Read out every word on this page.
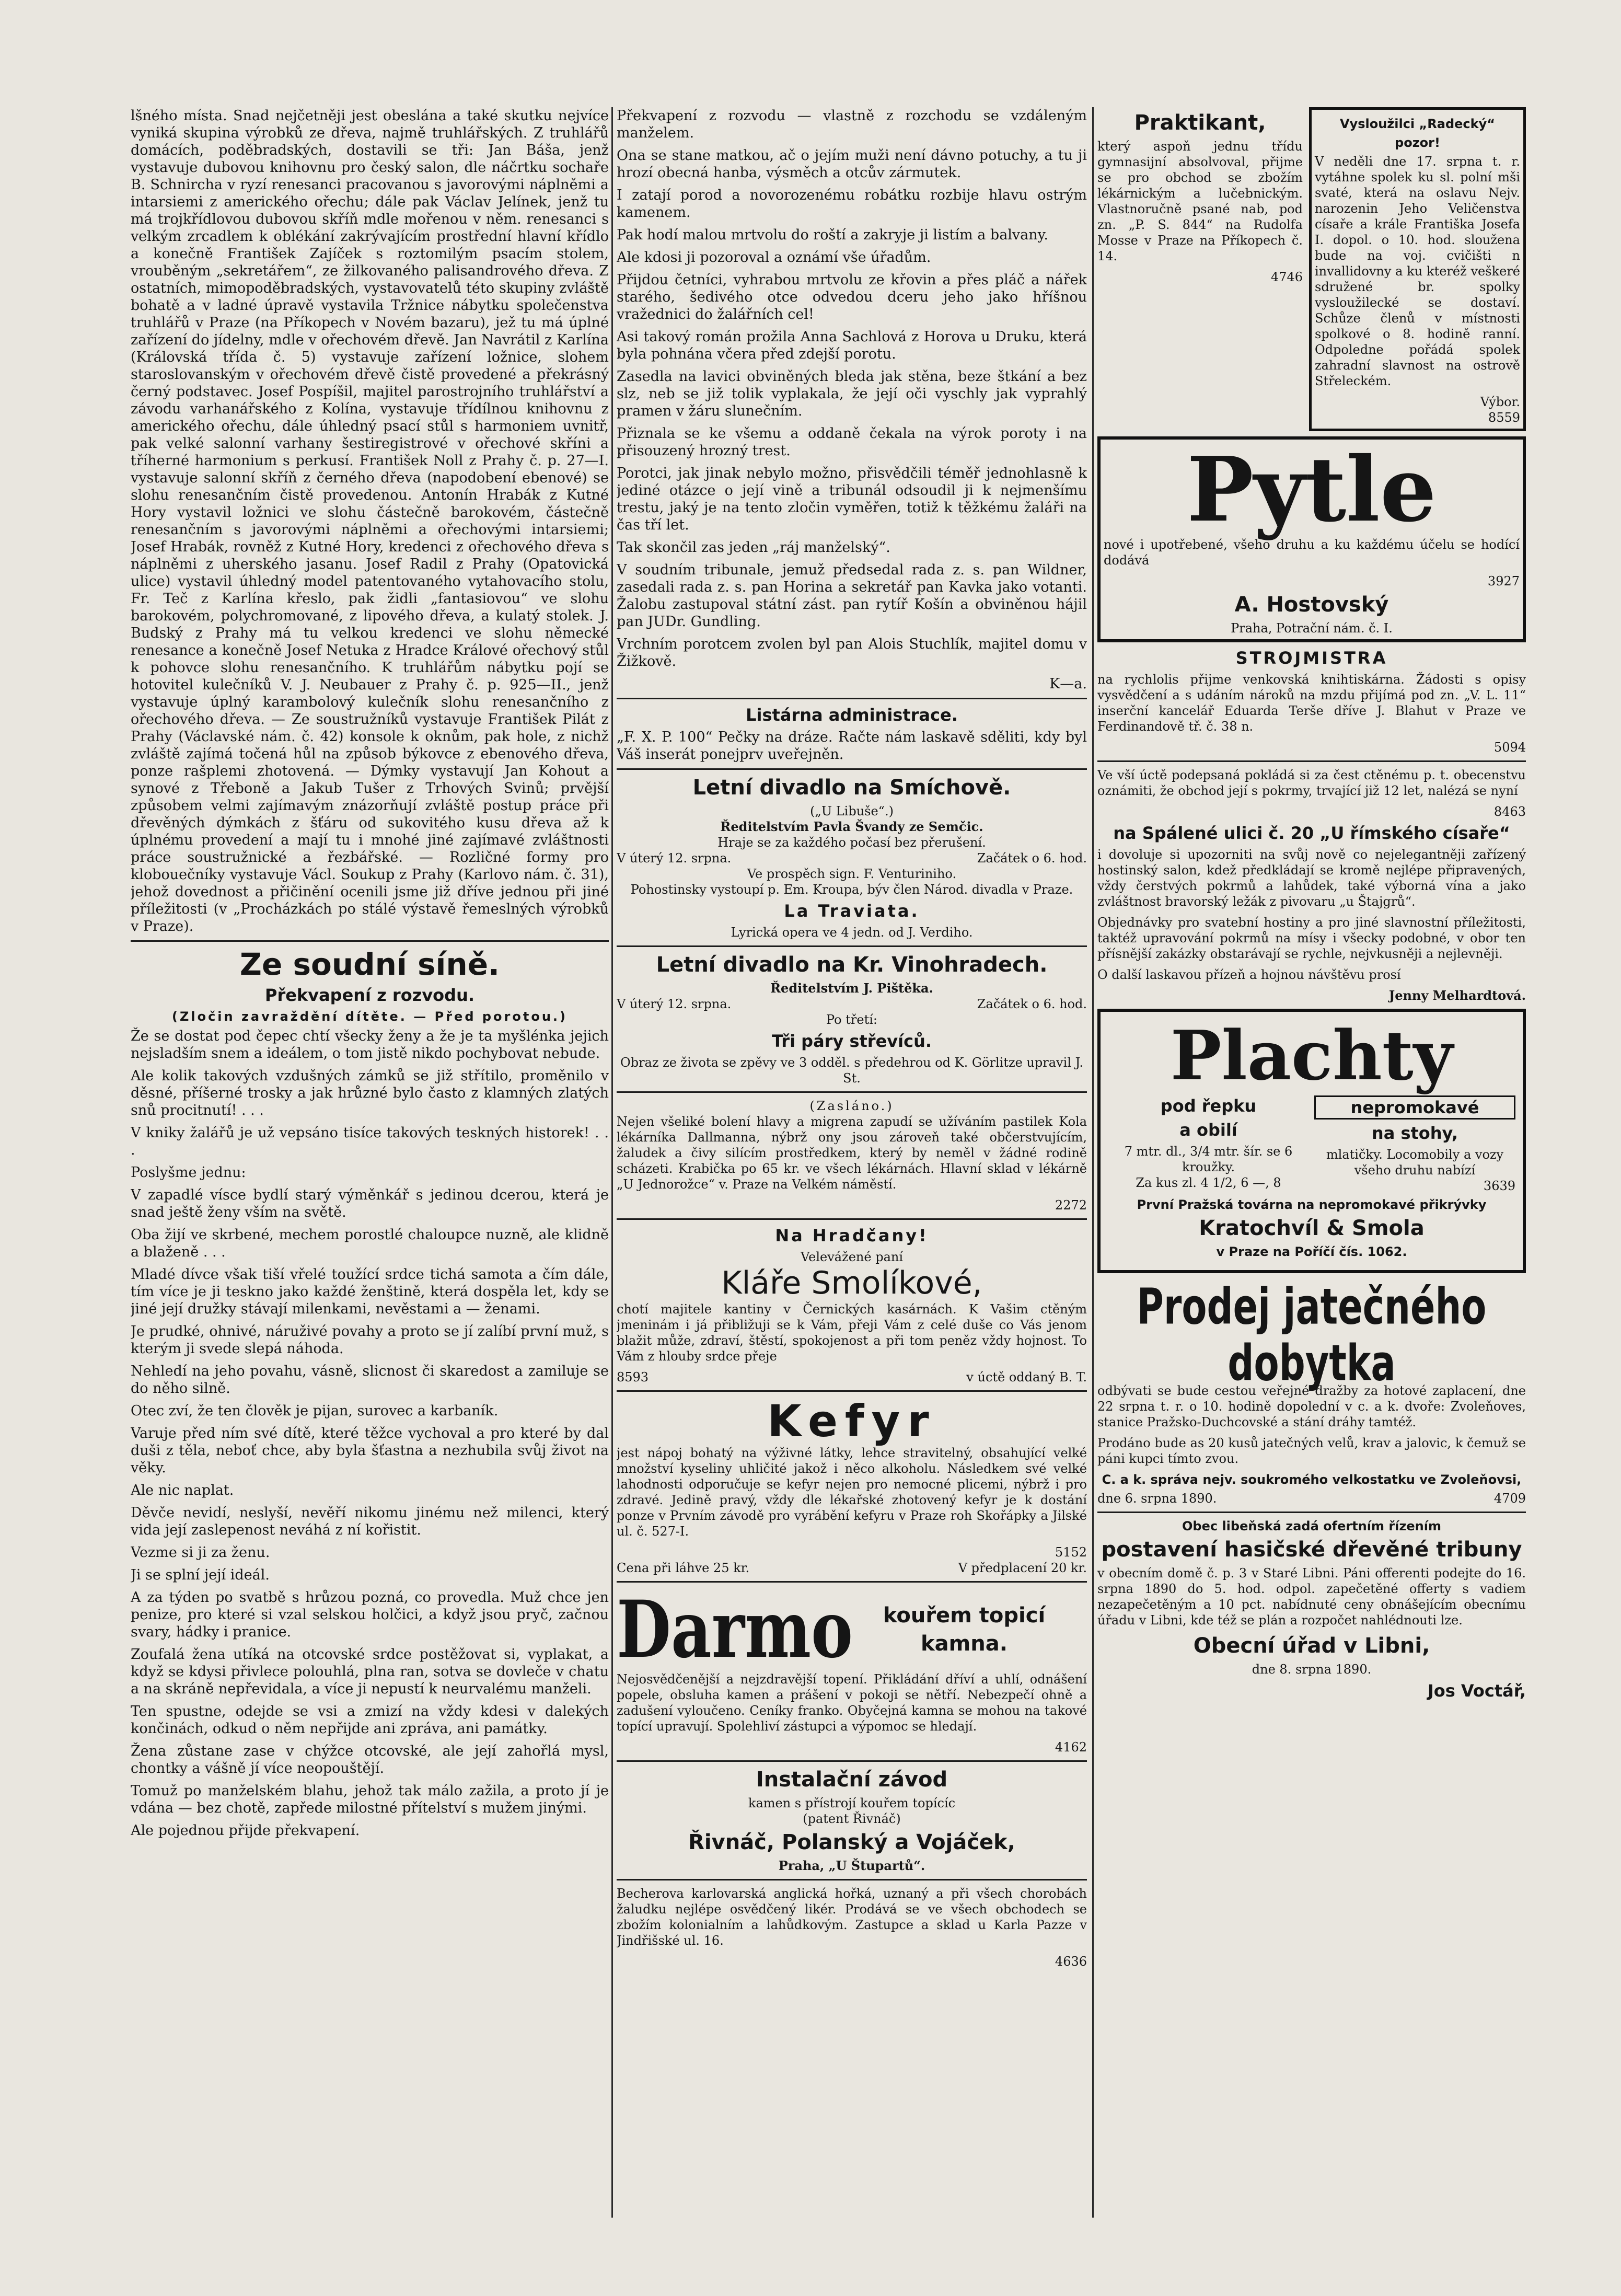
lšného místa. Snad nejčetněji jest obeslána a také skutku nejvíce vyniká skupina výrobků ze dřeva, najmě truhlářských. Z truhlářů domácích, poděbradských, dostavili se tři: Jan Báša, jenž vystavuje dubovou knihovnu pro český salon, dle náčrtku sochaře B. Schnircha v ryzí renesanci pracovanou s javorovými náplněmi a intarsiemi z amerického ořechu; dále pak Václav Jelínek, jenž tu má trojkřídlovou dubovou skříň mdle mořenou v něm. renesanci s velkým zrcadlem k oblékání zakrývajícím prostřední hlavní křídlo a konečně František Zajíček s roztomilým psacím stolem, vrouběným „sekretářem“, ze žilkovaného palisandrového dřeva. Z ostatních, mimopoděbradských, vystavovatelů této skupiny zvláště bohatě a v ladné úpravě vystavila Tržnice nábytku společenstva truhlářů v Praze (na Příkopech v Novém bazaru), jež tu má úplné zařízení do jídelny, mdle v ořechovém dřevě. Jan Navrátil z Karlína (Královská třída č. 5) vystavuje zařízení ložnice, slohem staroslovanským v ořechovém dřevě čistě provedené a překrásný černý podstavec. Josef Pospíšil, majitel parostrojního truhlářství a závodu varhanářského z Kolína, vystavuje třídílnou knihovnu z amerického ořechu, dále úhledný psací stůl s harmoniem uvnitř, pak velké salonní varhany šestiregistrové v ořechové skříni a tříherné harmonium s perkusí. František Noll z Prahy č. p. 27—I. vystavuje salonní skříň z černého dřeva (napodobení ebenové) se slohu renesančním čistě provedenou. Antonín Hrabák z Kutné Hory vystavil ložnici ve slohu částečně barokovém, částečně renesančním s javorovými náplněmi a ořechovými intarsiemi; Josef Hrabák, rovněž z Kutné Hory, kredenci z ořechového dřeva s náplněmi z uherského jasanu. Josef Radil z Prahy (Opatovická ulice) vystavil úhledný model patentovaného vytahovacího stolu, Fr. Teč z Karlína křeslo, pak židli „fantasiovou“ ve slohu barokovém, polychromované, z lipového dřeva, a kulatý stolek. J. Budský z Prahy má tu velkou kredenci ve slohu německé renesance a konečně Josef Netuka z Hradce Králové ořechový stůl k pohovce slohu renesančního. K truhlářům nábytku pojí se hotovitel kulečníků V. J. Neubauer z Prahy č. p. 925—II., jenž vystavuje úplný karambolový kulečník slohu renesančního z ořechového dřeva. — Ze soustružníků vystavuje František Pilát z Prahy (Václavské nám. č. 42) konsole k oknům, pak hole, z nichž zvláště zajímá točená hůl na způsob býkovce z ebenového dřeva, ponze rašplemi zhotovená. — Dýmky vystavují Jan Kohout a synové z Třeboně a Jakub Tušer z Trhových Svinů; prvější způsobem velmi zajímavým znázorňují zvláště postup práce při dřevěných dýmkách z šťáru od sukovitého kusu dřeva až k úplnému provedení a mají tu i mnohé jiné zajímavé zvláštnosti práce soustružnické a řezbářské. — Rozličné formy pro klobouečníky vystavuje Václ. Soukup z Prahy (Karlovo nám. č. 31), jehož dovednost a přičinění ocenili jsme již dříve jednou při jiné příležitosti (v „Procházkách po stálé výstavě řemeslných výrobků v Praze).

Ze soudní síně.
Překvapení z rozvodu.
(Zločin zavraždění dítěte. — Před porotou.)

Že se dostat pod čepec chtí všecky ženy a že je ta myšlénka jejich nejsladším snem a ideálem, o tom jistě nikdo pochybovat nebude.

Ale kolik takových vzdušných zámků se již střítilo, proměnilo v děsné, příšerné trosky a jak hrůzné bylo často z klamných zlatých snů procitnutí! . . .

V kniky žalářů je už vepsáno tisíce takových teskných historek! . . .

Poslyšme jednu:

V zapadlé vísce bydlí starý výměnkář s jedinou dcerou, která je snad ještě ženy vším na světě.

Oba žijí ve skrbené, mechem porostlé chaloupce nuzně, ale klidně a blaženě . . .

Mladé dívce však tiší vřelé toužící srdce tichá samota a čím dále, tím více je ji teskno jako každé ženštině, která dospěla let, kdy se jiné její družky stávají milenkami, nevěstami a — ženami.

Je prudké, ohnivé, náruživé povahy a proto se jí zalíbí první muž, s kterým ji svede slepá náhoda.

Nehledí na jeho povahu, vásně, slicnost či skaredost a zamiluje se do něho silně.

Otec zví, že ten člověk je pijan, surovec a karbaník.

Varuje před ním své dítě, které těžce vychoval a pro které by dal duši z těla, neboť chce, aby byla šťastna a nezhubila svůj život na věky.

Ale nic naplat.

Děvče nevidí, neslyší, nevěří nikomu jinému než milenci, který vida její zaslepenost neváhá z ní kořistit.

Vezme si ji za ženu.

Ji se splní její ideál.

A za týden po svatbě s hrůzou pozná, co provedla. Muž chce jen penize, pro které si vzal selskou holčici, a když jsou pryč, začnou svary, hádky i pranice.

Zoufalá žena utíká na otcovské srdce postěžovat si, vyplakat, a když se kdysi přivlece polouhlá, plna ran, sotva se dovleče v chatu a na skráně nepřevidala, a více ji nepustí k neurvalému manželi.

Ten spustne, odejde se vsi a zmizí na vždy kdesi v dalekých končinách, odkud o něm nepřijde ani zpráva, ani památky.

Žena zůstane zase v chýžce otcovské, ale její zahořlá mysl, chontky a vášně jí více neopouštějí.

Tomuž po manželském blahu, jehož tak málo zažila, a proto jí je vdána — bez chotě, zapřede milostné přítelství s mužem jinými.

Ale pojednou přijde překvapení.

Překvapení z rozvodu — vlastně z rozchodu se vzdáleným manželem.

Ona se stane matkou, ač o jejím muži není dávno potuchy, a tu ji hrozí obecná hanba, výsměch a otcův zármutek.

I zatají porod a novorozenému robátku rozbije hlavu ostrým kamenem.

Pak hodí malou mrtvolu do roští a zakryje ji listím a balvany.

Ale kdosi ji pozoroval a oznámí vše úřadům.

Přijdou četníci, vyhrabou mrtvolu ze křovin a přes pláč a nářek starého, šedivého otce odvedou dceru jeho jako hříšnou vražednici do žalářních cel!

Asi takový román prožila Anna Sachlová z Horova u Druku, která byla pohnána včera před zdejší porotu.

Zasedla na lavici obviněných bleda jak stěna, beze štkání a bez slz, neb se již tolik vyplakala, že její oči vyschly jak vyprahlý pramen v žáru slunečním.

Přiznala se ke všemu a oddaně čekala na výrok poroty i na přisouzený hrozný trest.

Porotci, jak jinak nebylo možno, přisvědčili téměř jednohlasně k jediné otázce o její vině a tribunál odsoudil ji k nejmenšímu trestu, jaký je na tento zločin vyměřen, totiž k těžkému žaláři na čas tří let.

Tak skončil zas jeden „ráj manželský“.

V soudním tribunale, jemuž předsedal rada z. s. pan Wildner, zasedali rada z. s. pan Horina a sekretář pan Kavka jako votanti. Žalobu zastupoval státní zást. pan rytíř Košín a obviněnou hájil pan JUDr. Gundling.

Vrchním porotcem zvolen byl pan Alois Stuchlík, majitel domu v Žižkově.

K—a.

Listárna administrace.

„F. X. P. 100“ Pečky na dráze. Račte nám laskavě sděliti, kdy byl Váš inserát ponejprv uveřejněn.

Letní divadlo na Smíchově.
(„U Libuše“.)
Ředitelstvím Pavla Švandy ze Semčic.
Hraje se za každého počasí bez přerušení.
V úterý 12. srpna.	Začátek o 6. hod.
Ve prospěch sign. F. Venturiniho.
Pohostinsky vystoupí p. Em. Kroupa, býv člen Národ. divadla v Praze.
La Traviata.
Lyrická opera ve 4 jedn. od J. Verdiho.
Letní divadlo na Kr. Vinohradech.
Ředitelstvím J. Pištěka.
V úterý 12. srpna.	Začátek o 6. hod.
Po třetí:
Tři páry střevíců.
Obraz ze života se zpěvy ve 3 odděl. s předehrou od K. Görlitze upravil J. St.
(Zasláno.)

Nejen všeliké bolení hlavy a migrena zapudí se užíváním pastilek Kola lékárníka Dallmanna, nýbrž ony jsou zároveň také občerstvujícím, žaludek a čivy silícím prostředkem, který by neměl v žádné rodině scházeti. Krabička po 65 kr. ve všech lékárnách. Hlavní sklad v lékárně „U Jednorožce“ v. Praze na Velkém náměstí.

2272
Na Hradčany!
Velevážené paní
Kláře Smolíkové,

chotí majitele kantiny v Černických kasárnách. K Vašim ctěným jmeninám i já přibližuji se k Vám, přeji Vám z celé duše co Vás jenom blažit může, zdraví, štěstí, spokojenost a při tom peněz vždy hojnost. To Vám z hlouby srdce přeje

8593	v úctě oddaný B. T.
Kefyr

jest nápoj bohatý na výživné látky, lehce stravitelný, obsahující velké množství kyseliny uhličité jakož i něco alkoholu. Následkem své velké lahodnosti odporučuje se kefyr nejen pro nemocné plicemi, nýbrž i pro zdravé. Jedině pravý, vždy dle lékařské zhotovený kefyr je k dostání ponze v Prvním závodě pro vyrábění kefyru v Praze roh Skořápky a Jilské ul. č. 527-I.

5152
Cena při láhve 25 kr.	V předplacení 20 kr.
Darmo	kouřem topicí
kamna.

Nejosvědčenější a nejzdravější topení. Přikládání dříví a uhlí, odnášení popele, obsluha kamen a prášení v pokoji se nětří. Nebezpečí ohně a zadušení vyloučeno. Ceníky franko. Obyčejná kamna se mohou na takové topící upravují. Spolehliví zástupci a výpomoc se hledají.

4162
Instalační závod
kamen s přístrojí kouřem topícíc
(patent Řivnáč)
Řivnáč, Polanský a Vojáček,
Praha, „U Štupartů“.

Becherova karlovarská anglická hořká, uznaný a při všech chorobách žaludku nejlépe osvědčený likér. Prodává se ve všech obchodech se zbožím kolonialním a lahůdkovým. Zastupce a sklad u Karla Pazze v Jindřišské ul. 16.

4636
Praktikant,

který aspoň jednu třídu gymnasijní absolvoval, přijme se pro obchod se zbožím lékárnickým a lučebnickým. Vlastnoručně psané nab, pod zn. „P. S. 844“ na Rudolfa Mosse v Praze na Příkopech č. 14.

4746
Vysloužilci „Radecký“
pozor!

V neděli dne 17. srpna t. r. vytáhne spolek ku sl. polní mši svaté, která na oslavu Nejv. narozenin Jeho Veličenstva císaře a krále Františka Josefa I. dopol. o 10. hod. sloužena bude na voj. cvičišti n invallidovny a ku kteréž veškeré sdružené br. spolky vysloužilecké se dostaví. Schůze členů v místnosti spolkové o 8. hodině ranní. Odpoledne pořádá spolek zahradní slavnost na ostrově Střeleckém.

Výbor.
8559
Pytle

nové i upotřebené, všeho druhu a ku každému účelu se hodící dodává

3927
A. Hostovský
Praha, Potrační nám. č. I.
STROJMISTRA

na rychlolis přijme venkovská knihtiskárna. Žádosti s opisy vysvědčení a s udáním nároků na mzdu přijímá pod zn. „V. L. 11“ inserční kancelář Eduarda Terše dříve J. Blahut v Praze ve Ferdinandově tř. č. 38 n.

5094

Ve vší úctě podepsaná pokládá si za čest ctěnému p. t. obecenstvu oznámiti, že obchod její s pokrmy, trvající již 12 let, nalézá se nyní

8463
na Spálené ulici č. 20 „U římského císaře“

i dovoluje si upozorniti na svůj nově co nejelegantněji zařízený hostinský salon, kdež předkládají se kromě nejlépe připravených, vždy čerstvých pokrmů a lahůdek, také výborná vína a jako zvláštnost bravorský ležák z pivovaru „u Štajgrů“.

Objednávky pro svatební hostiny a pro jiné slavnostní příležitosti, taktéž upravování pokrmů na mísy i všecky podobné, v obor ten přísnější zakázky obstarávají se rychle, nejvkusněji a nejlevněji.

O další laskavou přízeň a hojnou návštěvu prosí

Jenny Melhardtová.
Plachty
pod řepku
a obilí
7 mtr. dl., 3/4 mtr. šír. se 6 kroužky.
Za kus zl. 4 1/2, 6 —, 8
nepromokavé
na stohy,
mlatičky. Locomobily a vozy všeho druhu nabízí
3639
První Pražská továrna na nepromokavé přikrývky
Kratochvíl & Smola
v Praze na Poříčí čís. 1062.
Prodej jatečného dobytka

odbývati se bude cestou veřejné dražby za hotové zaplacení, dne 22 srpna t. r. o 10. hodině dopolední v c. a k. dvoře: Zvoleňoves, stanice Pražsko-Duchcovské a stání dráhy tamtéž.

Prodáno bude as 20 kusů jatečných velů, krav a jalovic, k čemuž se páni kupci tímto zvou.

C. a k. správa nejv. soukromého velkostatku ve Zvoleňovsi,
dne 6. srpna 1890.	4709
Obec libeňská zadá ofertním řízením
postavení hasičské dřevěné tribuny

v obecním domě č. p. 3 v Staré Libni. Páni offerenti podejte do 16. srpna 1890 do 5. hod. odpol. zapečetěné offerty s vadiem nezapečetěným a 10 pct. nabídnuté ceny obnášejícím obecnímu úřadu v Libni, kde též se plán a rozpočet nahlédnouti lze.

Obecní úřad v Libni,
dne 8. srpna 1890.
Jos Voctář,
